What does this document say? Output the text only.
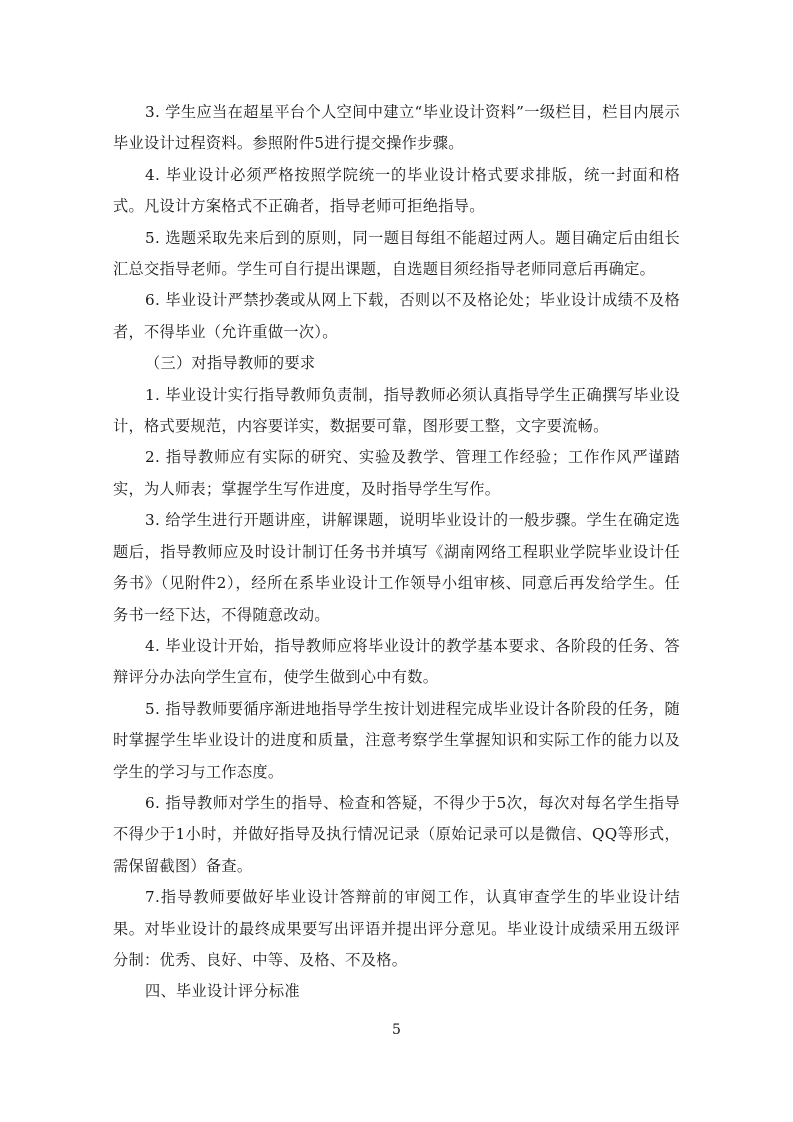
3. 学生应当在超星平台个人空间中建立“毕业设计资料”一级栏目，栏目内展示毕业设计过程资料。参照附件5进行提交操作步骤。

4. 毕业设计必须严格按照学院统一的毕业设计格式要求排版，统一封面和格式。凡设计方案格式不正确者，指导老师可拒绝指导。

5. 选题采取先来后到的原则，同一题目每组不能超过两人。题目确定后由组长汇总交指导老师。学生可自行提出课题，自选题目须经指导老师同意后再确定。

6. 毕业设计严禁抄袭或从网上下载，否则以不及格论处；毕业设计成绩不及格者，不得毕业（允许重做一次）。

（三）对指导教师的要求

1. 毕业设计实行指导教师负责制，指导教师必须认真指导学生正确撰写毕业设计，格式要规范，内容要详实，数据要可靠，图形要工整，文字要流畅。

2. 指导教师应有实际的研究、实验及教学、管理工作经验；工作作风严谨踏实，为人师表；掌握学生写作进度，及时指导学生写作。

3. 给学生进行开题讲座，讲解课题，说明毕业设计的一般步骤。学生在确定选题后，指导教师应及时设计制订任务书并填写《湖南网络工程职业学院毕业设计任务书》（见附件2），经所在系毕业设计工作领导小组审核、同意后再发给学生。任务书一经下达，不得随意改动。

4. 毕业设计开始，指导教师应将毕业设计的教学基本要求、各阶段的任务、答辩评分办法向学生宣布，使学生做到心中有数。

5. 指导教师要循序渐进地指导学生按计划进程完成毕业设计各阶段的任务，随时掌握学生毕业设计的进度和质量，注意考察学生掌握知识和实际工作的能力以及学生的学习与工作态度。

6. 指导教师对学生的指导、检查和答疑，不得少于5次，每次对每名学生指导不得少于1小时，并做好指导及执行情况记录（原始记录可以是微信、QQ等形式，需保留截图）备查。

7.指导教师要做好毕业设计答辩前的审阅工作，认真审查学生的毕业设计结果。对毕业设计的最终成果要写出评语并提出评分意见。毕业设计成绩采用五级评分制：优秀、良好、中等、及格、不及格。

四、毕业设计评分标准

5
